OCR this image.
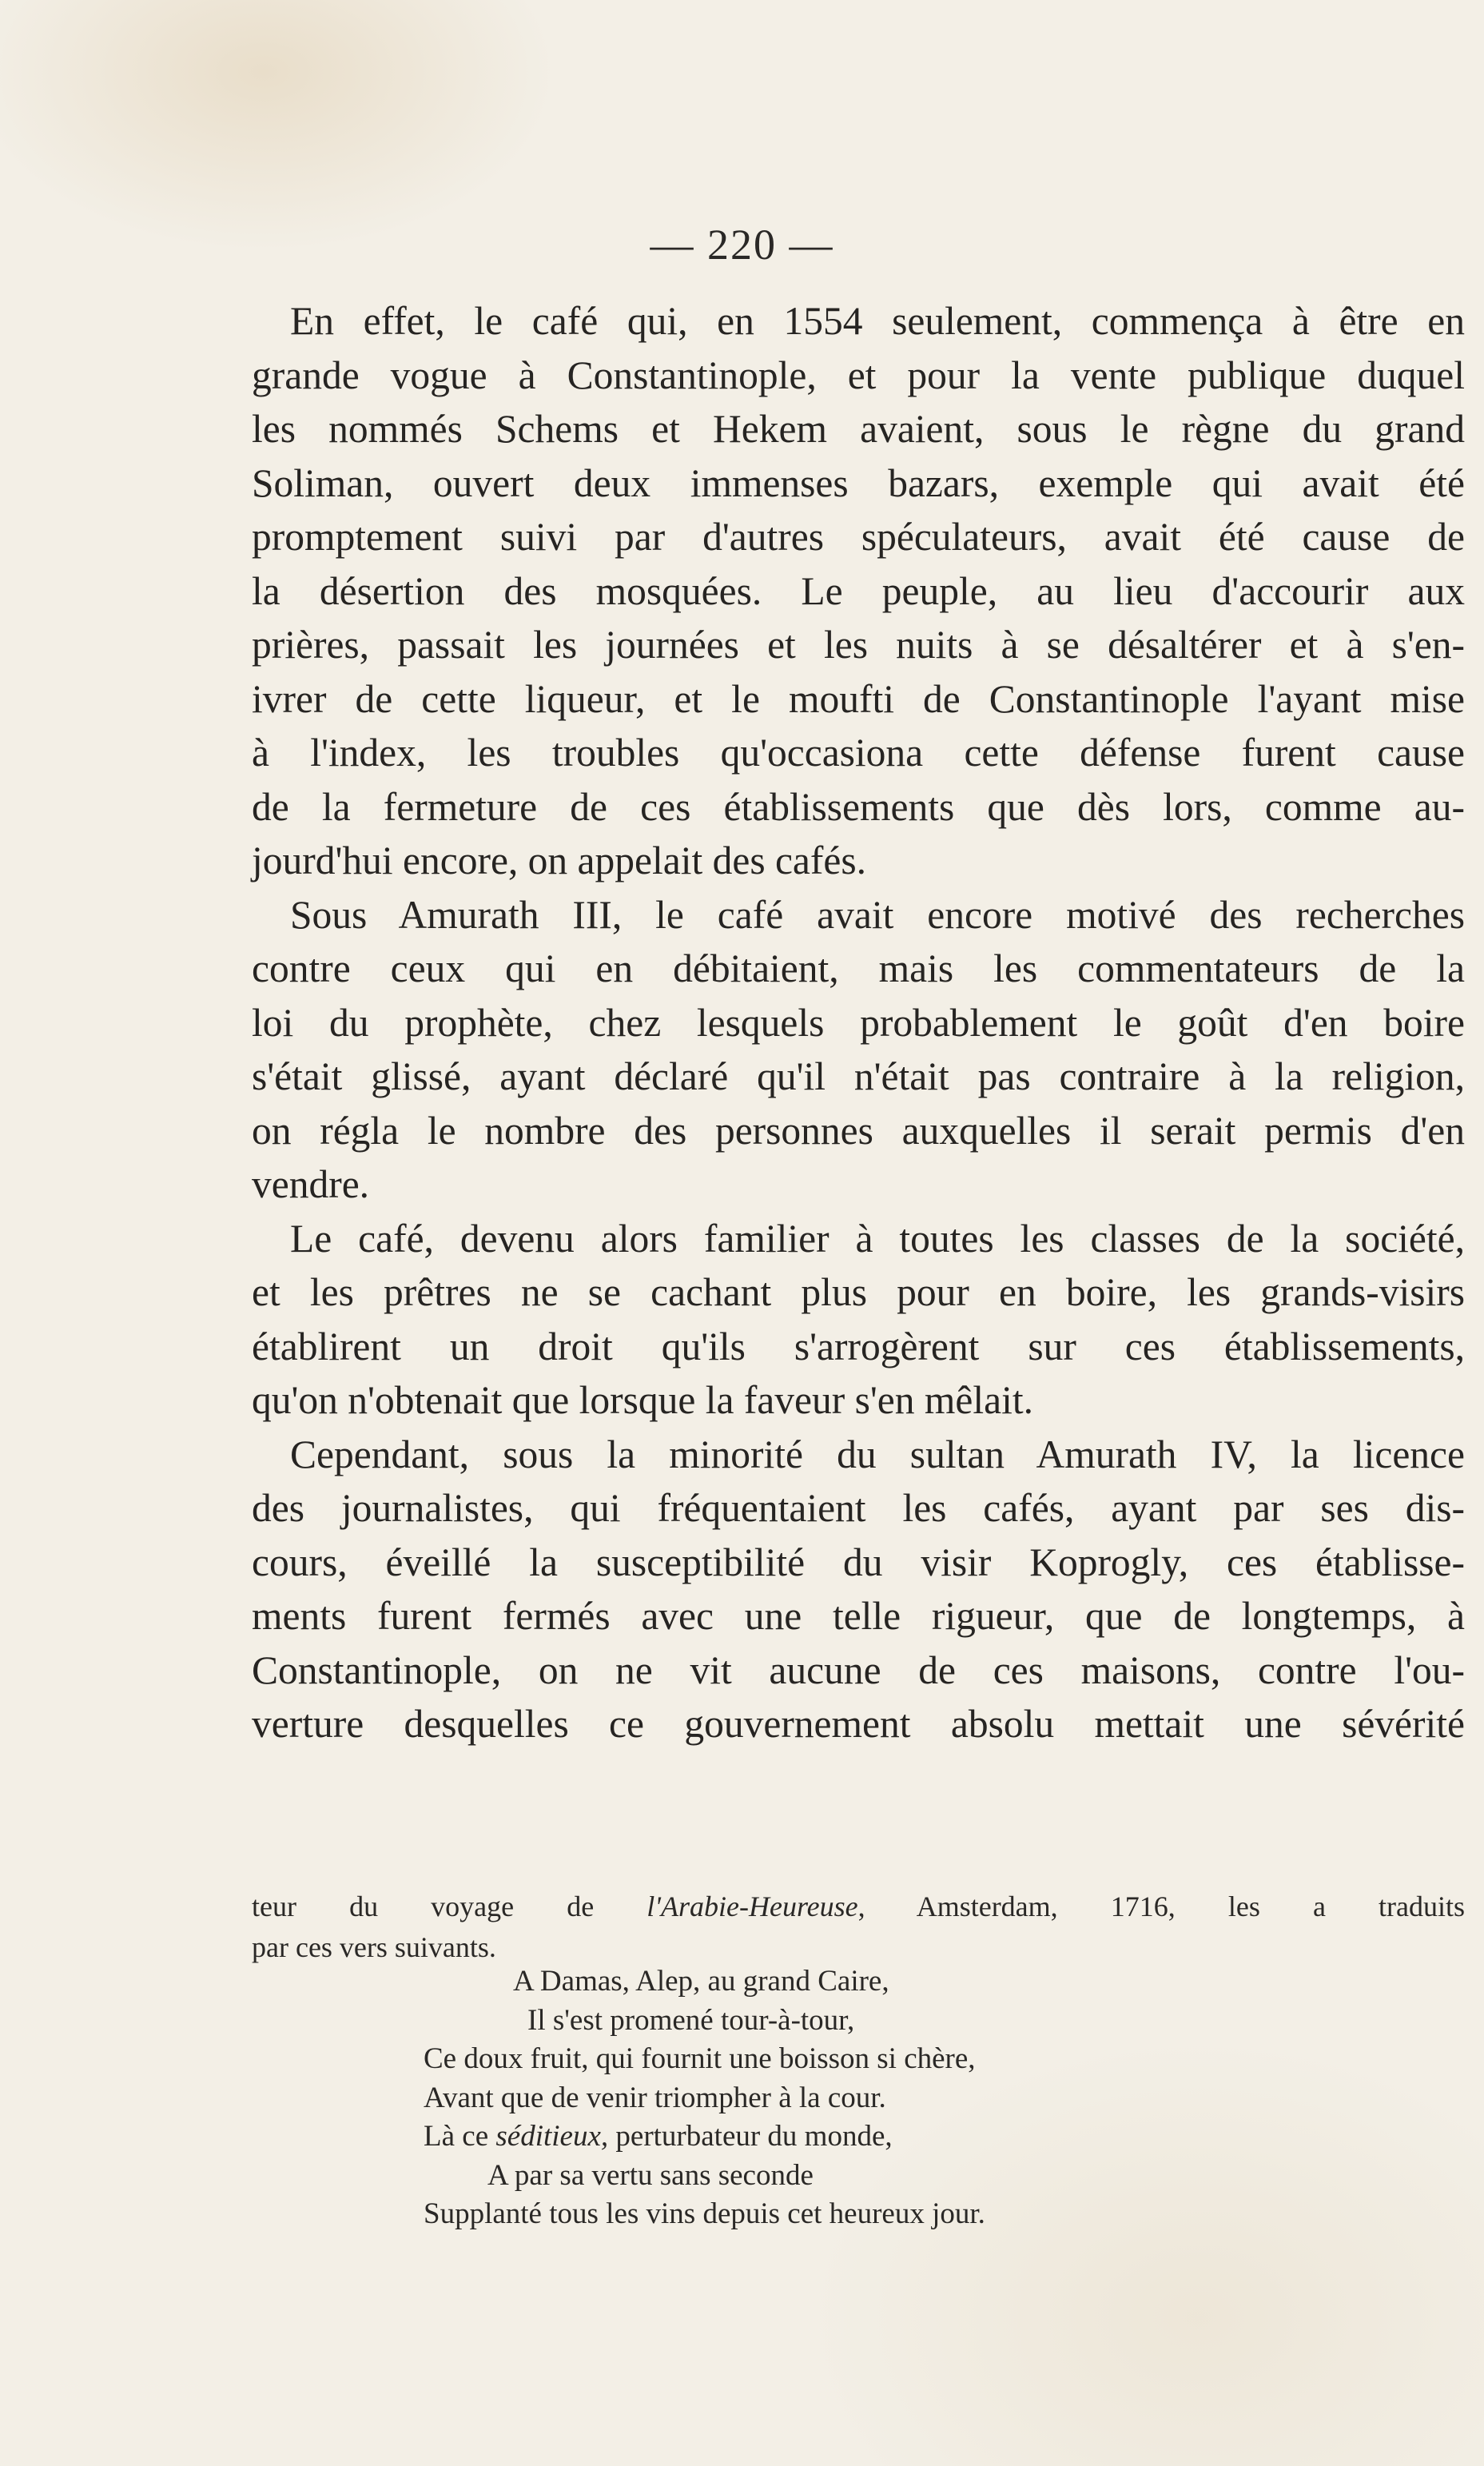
— 220 —
En effet, le café qui, en 1554 seulement, commença à être en
grande vogue à Constantinople, et pour la vente publique duquel
les nommés Schems et Hekem avaient, sous le règne du grand
Soliman, ouvert deux immenses bazars, exemple qui avait été
promptement suivi par d'autres spéculateurs, avait été cause de
la désertion des mosquées. Le peuple, au lieu d'accourir aux
prières, passait les journées et les nuits à se désaltérer et à s'en-
ivrer de cette liqueur, et le moufti de Constantinople l'ayant mise
à l'index, les troubles qu'occasiona cette défense furent cause
de la fermeture de ces établissements que dès lors, comme au-
jourd'hui encore, on appelait des cafés.
Sous Amurath III, le café avait encore motivé des recherches
contre ceux qui en débitaient, mais les commentateurs de la
loi du prophète, chez lesquels probablement le goût d'en boire
s'était glissé, ayant déclaré qu'il n'était pas contraire à la religion,
on régla le nombre des personnes auxquelles il serait permis d'en
vendre.
Le café, devenu alors familier à toutes les classes de la société,
et les prêtres ne se cachant plus pour en boire, les grands-visirs
établirent un droit qu'ils s'arrogèrent sur ces établissements,
qu'on n'obtenait que lorsque la faveur s'en mêlait.
Cependant, sous la minorité du sultan Amurath IV, la licence
des journalistes, qui fréquentaient les cafés, ayant par ses dis-
cours, éveillé la susceptibilité du visir Koprogly, ces établisse-
ments furent fermés avec une telle rigueur, que de longtemps, à
Constantinople, on ne vit aucune de ces maisons, contre l'ou-
verture desquelles ce gouvernement absolu mettait une sévérité
teur du voyage de l'Arabie-Heureuse, Amsterdam, 1716, les a traduits
par ces vers suivants.
A Damas, Alep, au grand Caire,
Il s'est promené tour-à-tour,
Ce doux fruit, qui fournit une boisson si chère,
Avant que de venir triompher à la cour.
Là ce séditieux, perturbateur du monde,
A par sa vertu sans seconde
Supplanté tous les vins depuis cet heureux jour.
